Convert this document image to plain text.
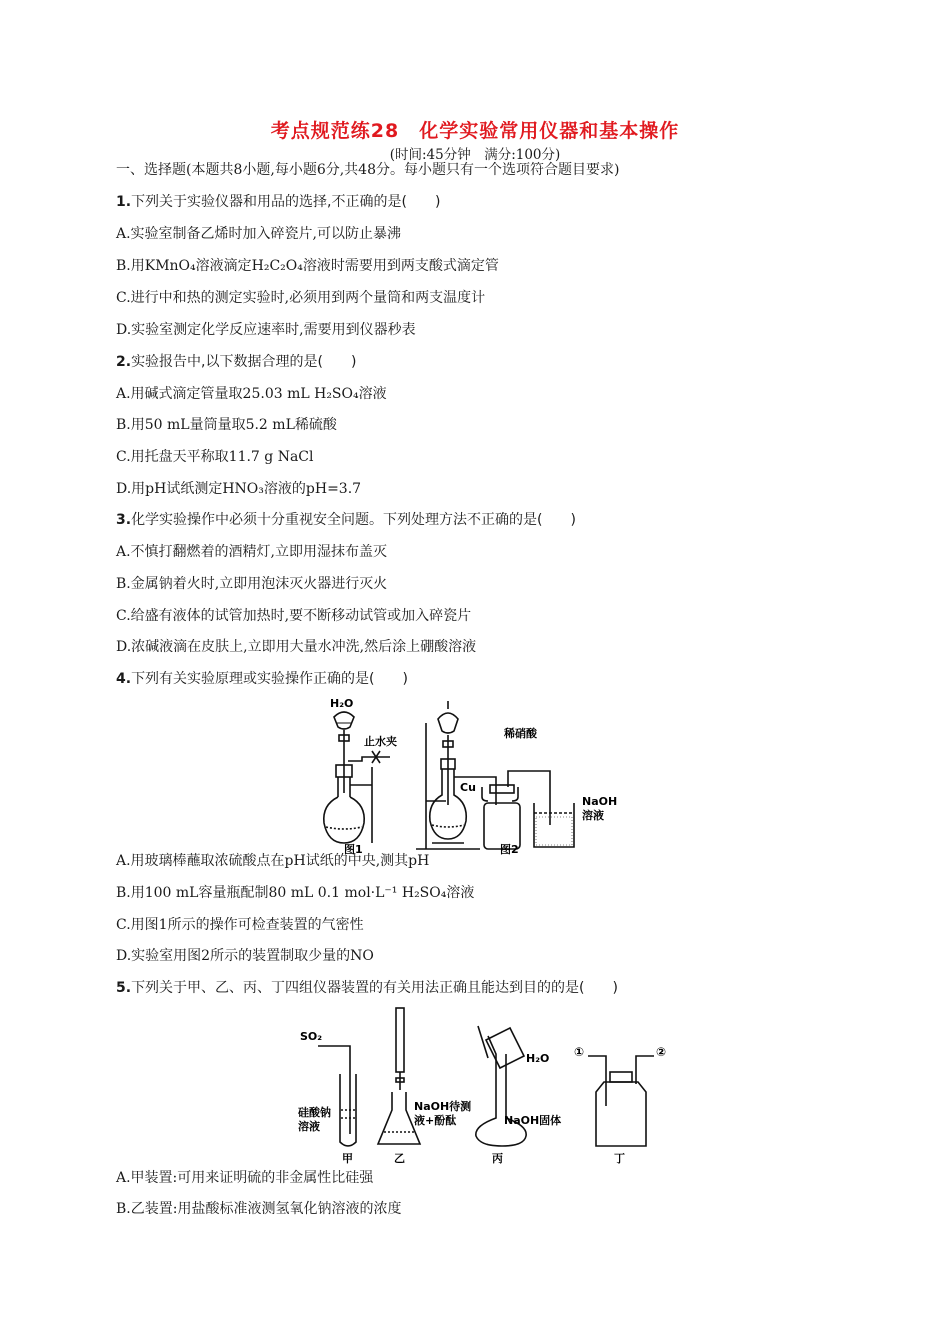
考点规范练28　化学实验常用仪器和基本操作
(时间:45分钟　满分:100分)
一、选择题(本题共8小题,每小题6分,共48分。每小题只有一个选项符合题目要求)
1.下列关于实验仪器和用品的选择,不正确的是(　　)
A.实验室制备乙烯时加入碎瓷片,可以防止暴沸
B.用KMnO₄溶液滴定H₂C₂O₄溶液时需要用到两支酸式滴定管
C.进行中和热的测定实验时,必须用到两个量筒和两支温度计
D.实验室测定化学反应速率时,需要用到仪器秒表
2.实验报告中,以下数据合理的是(　　)
A.用碱式滴定管量取25.03 mL H₂SO₄溶液
B.用50 mL量筒量取5.2 mL稀硫酸
C.用托盘天平称取11.7 g NaCl
D.用pH试纸测定HNO₃溶液的pH=3.7
3.化学实验操作中必须十分重视安全问题。下列处理方法不正确的是(　　)
A.不慎打翻燃着的酒精灯,立即用湿抹布盖灭
B.金属钠着火时,立即用泡沫灭火器进行灭火
C.给盛有液体的试管加热时,要不断移动试管或加入碎瓷片
D.浓碱液滴在皮肤上,立即用大量水冲洗,然后涂上硼酸溶液
4.下列有关实验原理或实验操作正确的是(　　)
H₂O
止水夹
稀硝酸
Cu
NaOH
溶液
图1	图2
A.用玻璃棒蘸取浓硫酸点在pH试纸的中央,测其pH
B.用100 mL容量瓶配制80 mL 0.1 mol·L⁻¹ H₂SO₄溶液
C.用图1所示的操作可检查装置的气密性
D.实验室用图2所示的装置制取少量的NO
5.下列关于甲、乙、丙、丁四组仪器装置的有关用法正确且能达到目的的是(　　)
SO₂
硅酸钠
溶液
NaOH待测
液+酚酞
H₂O
NaOH固体
①	②
甲	乙	丙	丁
A.甲装置:可用来证明硫的非金属性比硅强
B.乙装置:用盐酸标准液测氢氧化钠溶液的浓度
